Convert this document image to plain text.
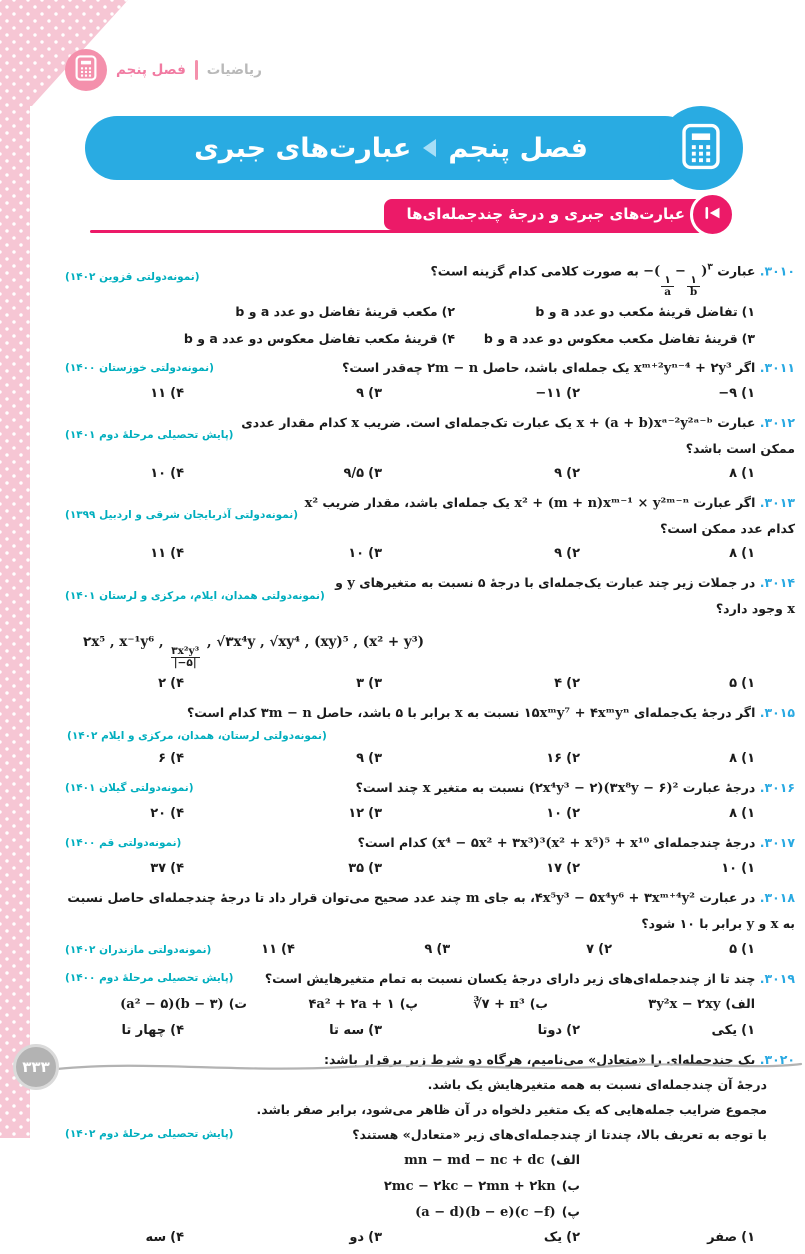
ریاضیات
فصل پنجم
فصل پنجم
عبارت‌های جبری
عبارت‌های جبری و درجهٔ چندجمله‌ای‌ها
۳۰۱۰. عبارت −(
$\frac{۱}{a}$
−
$\frac{۱}{b}$
)$^۳$ به صورت کلامی کدام گزینه است؟
(نمونه‌دولتی قزوین ۱۴۰۲)
۱)تفاضل قرینهٔ مکعب دو عدد a و b
۲)مکعب قرینهٔ تفاضل دو عدد a و b
۳)قرینهٔ تفاضل مکعب معکوس دو عدد a و b
۴)قرینهٔ مکعب تفاضل معکوس دو عدد a و b
۳۰۱۱. اگر xᵐ⁺²yⁿ⁻⁴ + ۲y³ یک جمله‌ای باشد، حاصل ۲m − n چه‌قدر است؟
(نمونه‌دولتی خوزستان ۱۴۰۰)
۱)−۹
۲)−۱۱
۳)۹
۴)۱۱
۳۰۱۲. عبارت x + (a + b)xᵃ⁻²y²ᵃ⁻ᵇ یک عبارت تک‌جمله‌ای است. ضریب x کدام مقدار عددی ممکن است باشد؟
(پایش تحصیلی مرحلهٔ دوم ۱۴۰۱)
۱)۸
۲)۹
۳)۹/۵
۴)۱۰
۳۰۱۳. اگر عبارت x² + (m + n)xᵐ⁻¹ × y²ᵐ⁻ⁿ یک جمله‌ای باشد، مقدار ضریب x² کدام عدد ممکن است؟
(نمونه‌دولتی آذربایجان شرقی و اردبیل ۱۳۹۹)
۱)۸
۲)۹
۳)۱۰
۴)۱۱
۳۰۱۴. در جملات زیر چند عبارت یک‌جمله‌ای با درجهٔ ۵ نسبت به متغیرهای y و x وجود دارد؟
(نمونه‌دولتی همدان، ایلام، مرکزی و لرستان ۱۴۰۱)
۲x⁵ , x⁻¹y⁶ ,
$\frac{\text{۳x²y³}}{|-۵|}$
, √۳x⁴y , √xy⁴ , (xy)⁵ , (x² + y³)
۱)۵
۲)۴
۳)۳
۴)۲
۳۰۱۵. اگر درجهٔ یک‌جمله‌ای ۱۵xᵐy⁷ + ۴xᵐyⁿ نسبت به x برابر با ۵ باشد، حاصل ۳m − n کدام است؟
(نمونه‌دولتی لرستان، همدان، مرکزی و ایلام ۱۴۰۲)
۱)۸
۲)۱۶
۳)۹
۴)۶
۳۰۱۶. درجهٔ عبارت (۲x⁴y³ − ۲)(۳x⁸y − ۶)² نسبت به متغیر x چند است؟
(نمونه‌دولتی گیلان ۱۴۰۱)
۱)۸
۲)۱۰
۳)۱۲
۴)۲۰
۳۰۱۷. درجهٔ چندجمله‌ای (x⁴ − ۵x² + ۳x³)³(x² + x⁵)⁵ + x¹⁰ کدام است؟
(نمونه‌دولتی قم ۱۴۰۰)
۱)۱۰
۲)۱۷
۳)۳۵
۴)۳۷
۳۰۱۸. در عبارت ۴x⁵y³ − ۵x⁴y⁶ + ۳xᵐ⁺⁴y²، به جای m چند عدد صحیح می‌توان قرار داد تا درجهٔ چندجمله‌ای حاصل نسبت به x و y برابر با ۱۰ شود؟
۱)۵
۲)۷
۳)۹
۴)۱۱
(نمونه‌دولتی مازندران ۱۴۰۲)
۳۰۱۹. چند تا از چندجمله‌ای‌های زیر دارای درجهٔ یکسان نسبت به تمام متغیرهایش است؟
(پایش تحصیلی مرحلهٔ دوم ۱۴۰۰)
الف)۳y²x − ۲xy
ب)∛۷ + π³
پ)۴a² + ۲a + ۱
ت)(a² − ۵)(b − ۳)
۱)یکی
۲)دوتا
۳)سه تا
۴)چهار تا
۳۰۲۰. یک چندجمله‌ای را «متعادل» می‌نامیم، هرگاه دو شرط زیر برقرار باشد:
درجهٔ آن چندجمله‌ای نسبت به همه متغیرهایش یک باشد.
مجموع ضرایب جمله‌هایی که یک متغیر دلخواه در آن ظاهر می‌شود، برابر صفر باشد.
با توجه به تعریف بالا، چندتا از چندجمله‌ای‌های زیر «متعادل» هستند؟
(پایش تحصیلی مرحلهٔ دوم ۱۴۰۲)
الف)mn − md − nc + dc
ب)۲mc − ۲kc − ۲mn + ۲kn
پ)(a − d)(b − e)(c −f)
۱)صفر
۲)یک
۳)دو
۴)سه
۳۳۳
